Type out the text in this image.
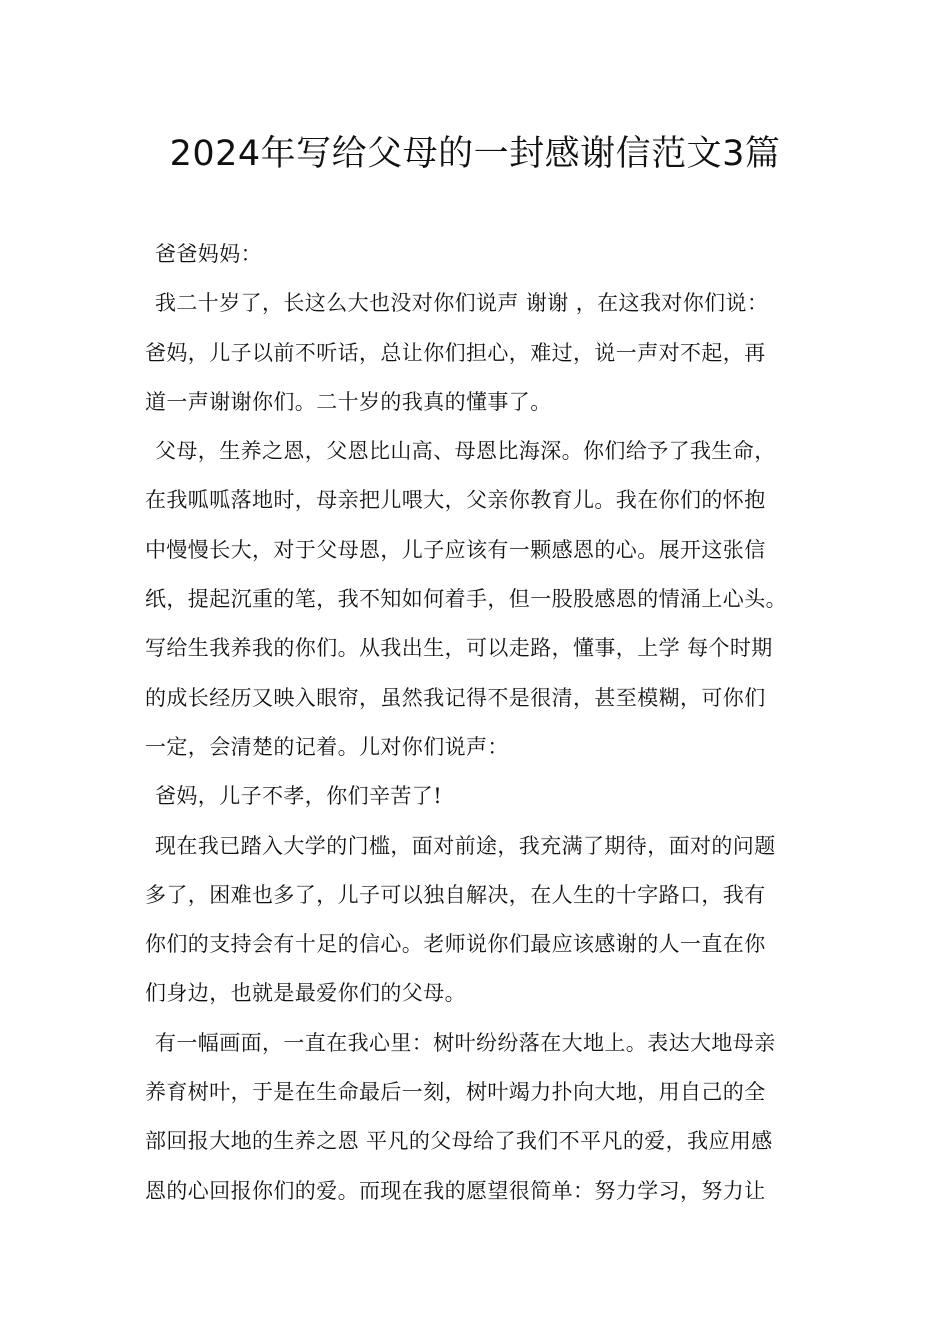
2024年写给父母的一封感谢信范文3篇

爸爸妈妈：

我二十岁了，长这么大也没对你们说声 谢谢 ，在这我对你们说：

爸妈，儿子以前不听话，总让你们担心，难过，说一声对不起，再

道一声谢谢你们。二十岁的我真的懂事了。

父母，生养之恩，父恩比山高、母恩比海深。你们给予了我生命，

在我呱呱落地时，母亲把儿喂大，父亲你教育儿。我在你们的怀抱

中慢慢长大，对于父母恩，儿子应该有一颗感恩的心。展开这张信

纸，提起沉重的笔，我不知如何着手，但一股股感恩的情涌上心头。

写给生我养我的你们。从我出生，可以走路，懂事，上学 每个时期

的成长经历又映入眼帘，虽然我记得不是很清，甚至模糊，可你们

一定，会清楚的记着。儿对你们说声：

爸妈，儿子不孝，你们辛苦了!

现在我已踏入大学的门槛，面对前途，我充满了期待，面对的问题

多了，困难也多了，儿子可以独自解决，在人生的十字路口，我有

你们的支持会有十足的信心。老师说你们最应该感谢的人一直在你

们身边，也就是最爱你们的父母。

有一幅画面，一直在我心里：树叶纷纷落在大地上。表达大地母亲

养育树叶，于是在生命最后一刻，树叶竭力扑向大地，用自己的全

部回报大地的生养之恩 平凡的父母给了我们不平凡的爱，我应用感

恩的心回报你们的爱。而现在我的愿望很简单：努力学习，努力让
